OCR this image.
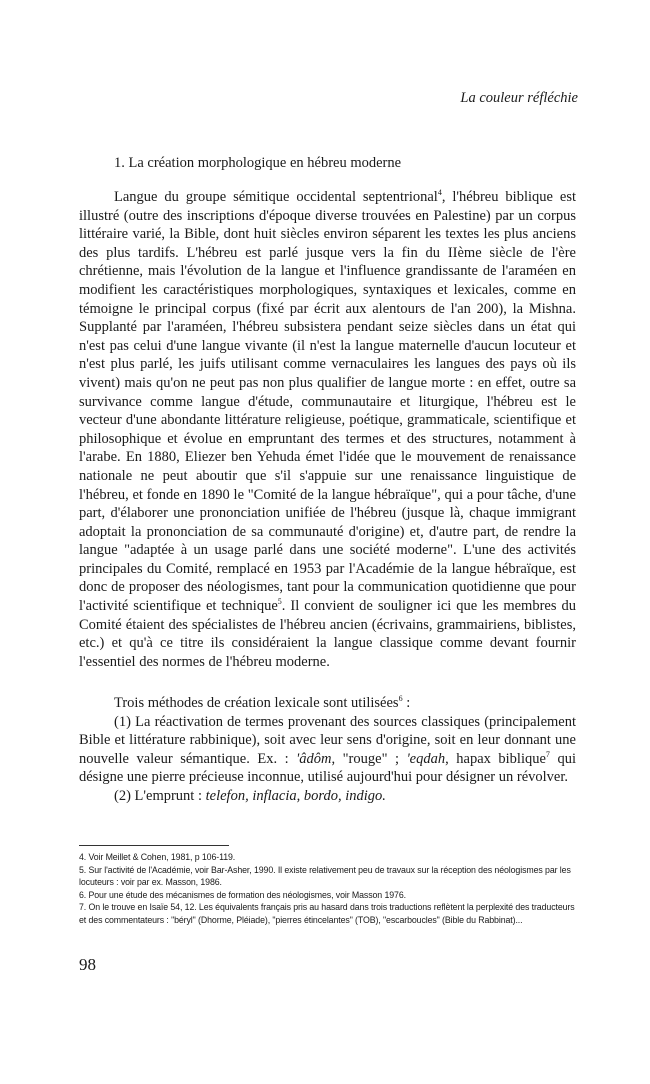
La couleur réfléchie
1. La création morphologique en hébreu moderne

Langue du groupe sémitique occidental septentrional$^4$, l'hébreu biblique est illustré (outre des inscriptions d'époque diverse trouvées en Palestine) par un corpus littéraire varié, la Bible, dont huit siècles environ séparent les textes les plus anciens des plus tardifs. L'hébreu est parlé jusque vers la fin du IIème siècle de l'ère chrétienne, mais l'évolution de la langue et l'influence grandissante de l'araméen en modifient les caractéristiques morphologiques, syntaxiques et lexicales, comme en témoigne le principal corpus (fixé par écrit aux alentours de l'an 200), la Mishna. Supplanté par l'araméen, l'hébreu subsistera pendant seize siècles dans un état qui n'est pas celui d'une langue vivante (il n'est la langue maternelle d'aucun locuteur et n'est plus parlé, les juifs utilisant comme vernaculaires les langues des pays où ils vivent) mais qu'on ne peut pas non plus qualifier de langue morte : en effet, outre sa survivance comme langue d'étude, communautaire et liturgique, l'hébreu est le vecteur d'une abondante littérature religieuse, poétique, grammaticale, scientifique et philosophique et évolue en empruntant des termes et des structures, notamment à l'arabe. En 1880, Eliezer ben Yehuda émet l'idée que le mouvement de renaissance nationale ne peut aboutir que s'il s'appuie sur une renaissance linguistique de l'hébreu, et fonde en 1890 le "Comité de la langue hébraïque", qui a pour tâche, d'une part, d'élaborer une prononciation unifiée de l'hébreu (jusque là, chaque immigrant adoptait la prononciation de sa communauté d'origine) et, d'autre part, de rendre la langue "adaptée à un usage parlé dans une société moderne". L'une des activités principales du Comité, remplacé en 1953 par l'Académie de la langue hébraïque, est donc de proposer des néologismes, tant pour la communication quotidienne que pour l'activité scientifique et technique$^5$. Il convient de souligner ici que les membres du Comité étaient des spécialistes de l'hébreu ancien (écrivains, grammairiens, biblistes, etc.) et qu'à ce titre ils considéraient la langue classique comme devant fournir l'essentiel des normes de l'hébreu moderne.

Trois méthodes de création lexicale sont utilisées$^6$ :

(1) La réactivation de termes provenant des sources classiques (principalement Bible et littérature rabbinique), soit avec leur sens d'origine, soit en leur donnant une nouvelle valeur sémantique. Ex. : 'âdôm, "rouge" ; 'eqdah, hapax biblique$^7$ qui désigne une pierre précieuse inconnue, utilisé aujourd'hui pour désigner un révolver.

(2) L'emprunt : telefon, inflacia, bordo, indigo.

4. Voir Meillet & Cohen, 1981, p 106-119.

5. Sur l'activité de l'Académie, voir Bar-Asher, 1990. Il existe relativement peu de travaux sur la réception des néologismes par les locuteurs : voir par ex. Masson, 1986.

6. Pour une étude des mécanismes de formation des néologismes, voir Masson 1976.

7. On le trouve en Isaïe 54, 12. Les équivalents français pris au hasard dans trois traductions reflètent la perplexité des traducteurs et des commentateurs : "béryl" (Dhorme, Pléiade), "pierres étincelantes" (TOB), "escarboucles" (Bible du Rabbinat)...

98
